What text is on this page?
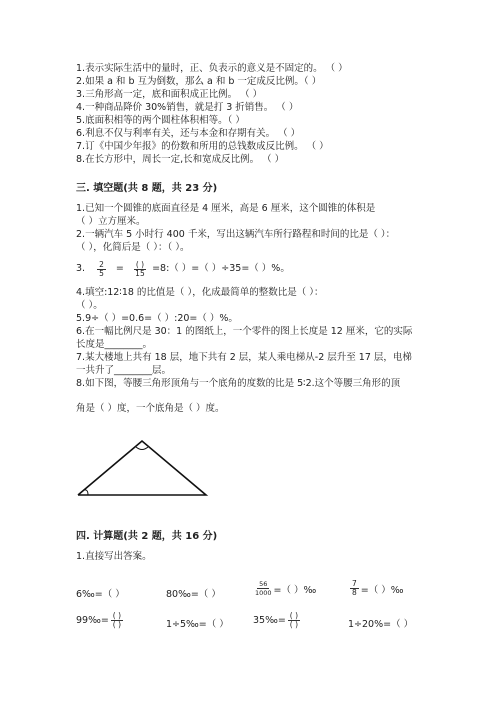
1.表示实际生活中的量时，正、负表示的意义是不固定的。 （ ）
2.如果 a 和 b 互为倒数，那么 a 和 b 一定成反比例。（ ）
3.三角形高一定，底和面积成正比例。 （ ）
4.一种商品降价 30%销售，就是打 3 折销售。 （ ）
5.底面积相等的两个圆柱体积相等。（ ）
6.利息不仅与利率有关，还与本金和存期有关。 （ ）
7.订《中国少年报》的份数和所用的总钱数成反比例。 （ ）
8.在长方形中，周长一定,长和宽成反比例。 （ ）
三. 填空题(共 8 题，共 23 分)
1.已知一个圆锥的底面直径是 4 厘米，高是 6 厘米，这个圆锥的体积是
（ ）立方厘米。
2.一辆汽车 5 小时行 400 千米，写出这辆汽车所行路程和时间的比是（ ）：
（ ），化简后是（ ）：（ ）。
3. $\frac{2}{5} = \frac{( )}{15}$ =8:（ ）=（ ）÷35=（ ）%。
4.填空:12∶18 的比值是（ ），化成最简单的整数比是（ ）：
（ ）。
5.9÷（ ）=0.6=（ ）:20=（ ）%。
6.在一幅比例尺是 30：1 的图纸上，一个零件的图上长度是 12 厘米，它的实际
长度是________。
7.某大楼地上共有 18 层，地下共有 2 层，某人乘电梯从-2 层升至 17 层，电梯
一共升了________层。
8.如下图，等腰三角形顶角与一个底角的度数的比是 5∶2.这个等腰三角形的顶
角是（ ）度，一个底角是（ ）度。
四. 计算题(共 2 题，共 16 分)
1.直接写出答案。
6‰=（ ）	80‰=（ ）	$\frac{56}{1000}$ =（ ）‰	$\frac{7}{8}$ =（ ）‰
99‰= $\frac{( )}{( )}$	1÷5‰=（ ）	35‰= $\frac{( )}{( )}$	1÷20%=（ ）
